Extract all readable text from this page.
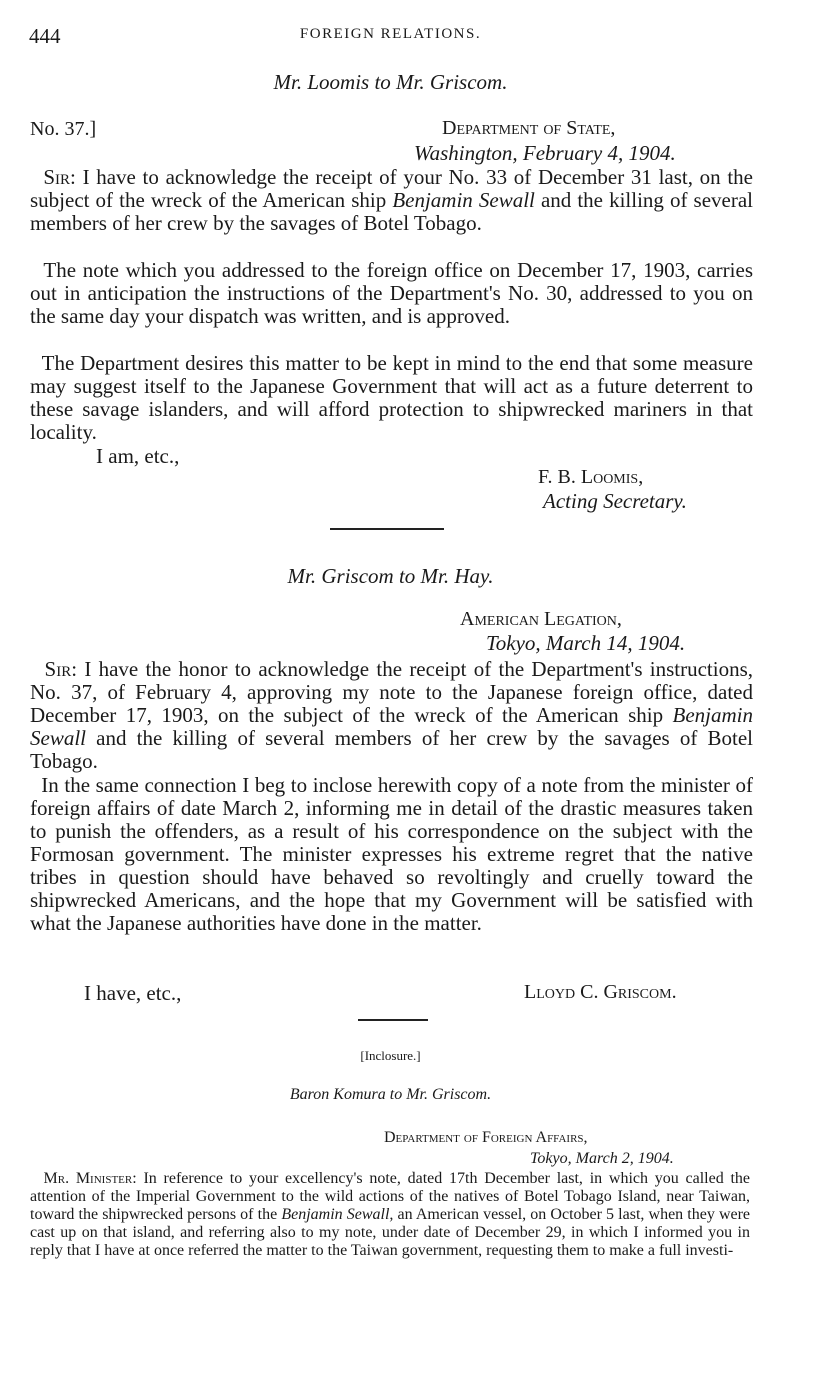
444	FOREIGN RELATIONS.
Mr. Loomis to Mr. Griscom.
No. 37.]	Department of State,
Washington, February 4, 1904.
Sir: I have to acknowledge the receipt of your No. 33 of December 31 last, on the subject of the wreck of the American ship Benjamin Sewall and the killing of several members of her crew by the savages of Botel Tobago.
The note which you addressed to the foreign office on December 17, 1903, carries out in anticipation the instructions of the Department's No. 30, addressed to you on the same day your dispatch was written, and is approved.
The Department desires this matter to be kept in mind to the end that some measure may suggest itself to the Japanese Government that will act as a future deterrent to these savage islanders, and will afford protection to shipwrecked mariners in that locality.
I am, etc.,
F. B. Loomis,
Acting Secretary.
Mr. Griscom to Mr. Hay.
American Legation,
Tokyo, March 14, 1904.
Sir: I have the honor to acknowledge the receipt of the Department's instructions, No. 37, of February 4, approving my note to the Japanese foreign office, dated December 17, 1903, on the subject of the wreck of the American ship Benjamin Sewall and the killing of several members of her crew by the savages of Botel Tobago.
In the same connection I beg to inclose herewith copy of a note from the minister of foreign affairs of date March 2, informing me in detail of the drastic measures taken to punish the offenders, as a result of his correspondence on the subject with the Formosan government. The minister expresses his extreme regret that the native tribes in question should have behaved so revoltingly and cruelly toward the shipwrecked Americans, and the hope that my Government will be satisfied with what the Japanese authorities have done in the matter.
I have, etc.,	Lloyd C. Griscom.
[Inclosure.]
Baron Komura to Mr. Griscom.
Department of Foreign Affairs,
Tokyo, March 2, 1904.
Mr. Minister: In reference to your excellency's note, dated 17th December last, in which you called the attention of the Imperial Government to the wild actions of the natives of Botel Tobago Island, near Taiwan, toward the shipwrecked persons of the Benjamin Sewall, an American vessel, on October 5 last, when they were cast up on that island, and referring also to my note, under date of December 29, in which I informed you in reply that I have at once referred the matter to the Taiwan government, requesting them to make a full investi-
